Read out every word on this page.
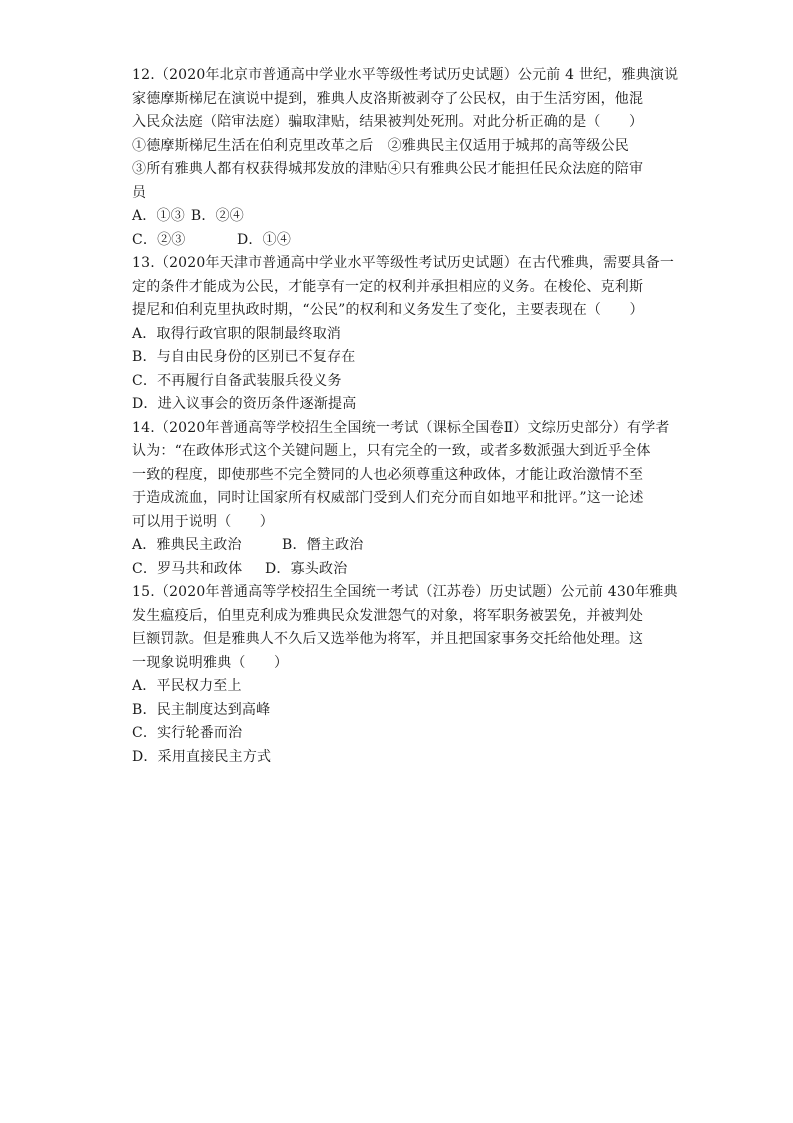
12.（2020年北京市普通高中学业水平等级性考试历史试题）公元前 4 世纪，雅典演说
家德摩斯梯尼在演说中提到，雅典人皮洛斯被剥夺了公民权，由于生活穷困，他混
入民众法庭（陪审法庭）骗取津贴，结果被判处死刑。对此分析正确的是（　　）
①德摩斯梯尼生活在伯利克里改革之后　②雅典民主仅适用于城邦的高等级公民
③所有雅典人都有权获得城邦发放的津贴④只有雅典公民才能担任民众法庭的陪审
员
A．①③ B．②④
C．②③	D．①④
13.（2020年天津市普通高中学业水平等级性考试历史试题）在古代雅典，需要具备一
定的条件才能成为公民，才能享有一定的权利并承担相应的义务。在梭伦、克利斯
提尼和伯利克里执政时期，“公民”的权利和义务发生了变化，主要表现在（　　）
A．取得行政官职的限制最终取消
B．与自由民身份的区别已不复存在
C．不再履行自备武装服兵役义务
D．进入议事会的资历条件逐渐提高
14.（2020年普通高等学校招生全国统一考试（课标全国卷Ⅱ）文综历史部分）有学者
认为：“在政体形式这个关键问题上，只有完全的一致，或者多数派强大到近乎全体
一致的程度，即使那些不完全赞同的人也必须尊重这种政体，才能让政治激情不至
于造成流血，同时让国家所有权威部门受到人们充分而自如地平和批评。”这一论述
可以用于说明（　　）
A．雅典民主政治	B．僭主政治
C．罗马共和政体 D．寡头政治
15.（2020年普通高等学校招生全国统一考试（江苏卷）历史试题）公元前 430年雅典
发生瘟疫后，伯里克利成为雅典民众发泄怨气的对象，将军职务被罢免，并被判处
巨额罚款。但是雅典人不久后又选举他为将军，并且把国家事务交托给他处理。这
一现象说明雅典（　　）
A．平民权力至上
B．民主制度达到高峰
C．实行轮番而治
D．采用直接民主方式
